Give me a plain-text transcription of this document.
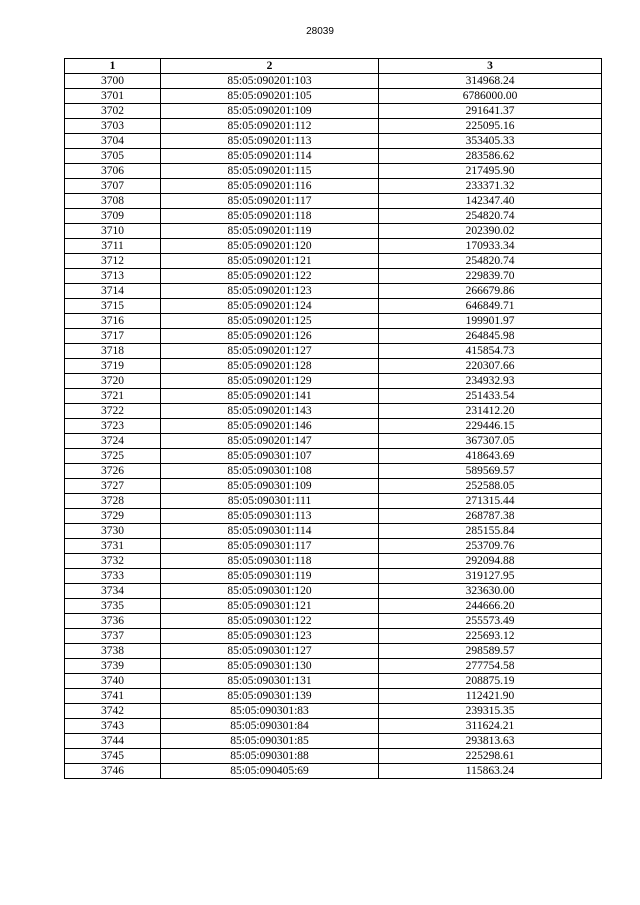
28039
1	2	3
3700	85:05:090201:103	314968.24
3701	85:05:090201:105	6786000.00
3702	85:05:090201:109	291641.37
3703	85:05:090201:112	225095.16
3704	85:05:090201:113	353405.33
3705	85:05:090201:114	283586.62
3706	85:05:090201:115	217495.90
3707	85:05:090201:116	233371.32
3708	85:05:090201:117	142347.40
3709	85:05:090201:118	254820.74
3710	85:05:090201:119	202390.02
3711	85:05:090201:120	170933.34
3712	85:05:090201:121	254820.74
3713	85:05:090201:122	229839.70
3714	85:05:090201:123	266679.86
3715	85:05:090201:124	646849.71
3716	85:05:090201:125	199901.97
3717	85:05:090201:126	264845.98
3718	85:05:090201:127	415854.73
3719	85:05:090201:128	220307.66
3720	85:05:090201:129	234932.93
3721	85:05:090201:141	251433.54
3722	85:05:090201:143	231412.20
3723	85:05:090201:146	229446.15
3724	85:05:090201:147	367307.05
3725	85:05:090301:107	418643.69
3726	85:05:090301:108	589569.57
3727	85:05:090301:109	252588.05
3728	85:05:090301:111	271315.44
3729	85:05:090301:113	268787.38
3730	85:05:090301:114	285155.84
3731	85:05:090301:117	253709.76
3732	85:05:090301:118	292094.88
3733	85:05:090301:119	319127.95
3734	85:05:090301:120	323630.00
3735	85:05:090301:121	244666.20
3736	85:05:090301:122	255573.49
3737	85:05:090301:123	225693.12
3738	85:05:090301:127	298589.57
3739	85:05:090301:130	277754.58
3740	85:05:090301:131	208875.19
3741	85:05:090301:139	112421.90
3742	85:05:090301:83	239315.35
3743	85:05:090301:84	311624.21
3744	85:05:090301:85	293813.63
3745	85:05:090301:88	225298.61
3746	85:05:090405:69	115863.24
